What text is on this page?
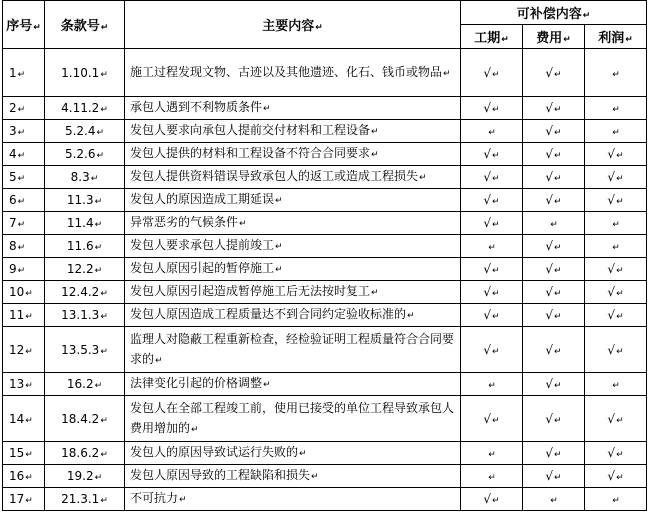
序号↵	条款号↵	主要内容↵	可补偿内容↵		
			工期↵	费用↵	利润↵
1↵	1.10.1↵	施工过程发现文物、古迹以及其他遗迹、化石、钱币或物品↵	√↵	√↵	↵
2↵	4.11.2↵	承包人遇到不利物质条件↵	√↵	√↵	↵
3↵	5.2.4↵	发包人要求向承包人提前交付材料和工程设备↵	↵	√↵	↵
4↵	5.2.6↵	发包人提供的材料和工程设备不符合合同要求↵	√↵	√↵	√↵
5↵	8.3↵	发包人提供资料错误导致承包人的返工或造成工程损失↵	√↵	√↵	√↵
6↵	11.3↵	发包人的原因造成工期延误↵	√↵	√↵	√↵
7↵	11.4↵	异常恶劣的气候条件↵	√↵	↵	↵
8↵	11.6↵	发包人要求承包人提前竣工↵	↵	√↵	↵
9↵	12.2↵	发包人原因引起的暂停施工↵	√↵	√↵	√↵
10↵	12.4.2↵	发包人原因引起造成暂停施工后无法按时复工↵	√↵	√↵	√↵
11↵	13.1.3↵	发包人原因造成工程质量达不到合同约定验收标准的↵	√↵	√↵	√↵
12↵	13.5.3↵	监理人对隐蔽工程重新检查，经检验证明工程质量符合合同要求的↵	√↵	√↵	√↵
13↵	16.2↵	法律变化引起的价格调整↵	↵	√↵	↵
14↵	18.4.2↵	发包人在全部工程竣工前，使用已接受的单位工程导致承包人费用增加的↵	√↵	√↵	√↵
15↵	18.6.2↵	发包人的原因导致试运行失败的↵	↵	√↵	√↵
16↵	19.2↵	发包人原因导致的工程缺陷和损失↵	↵	√↵	√↵
17↵	21.3.1↵	不可抗力↵	√↵	↵	↵
